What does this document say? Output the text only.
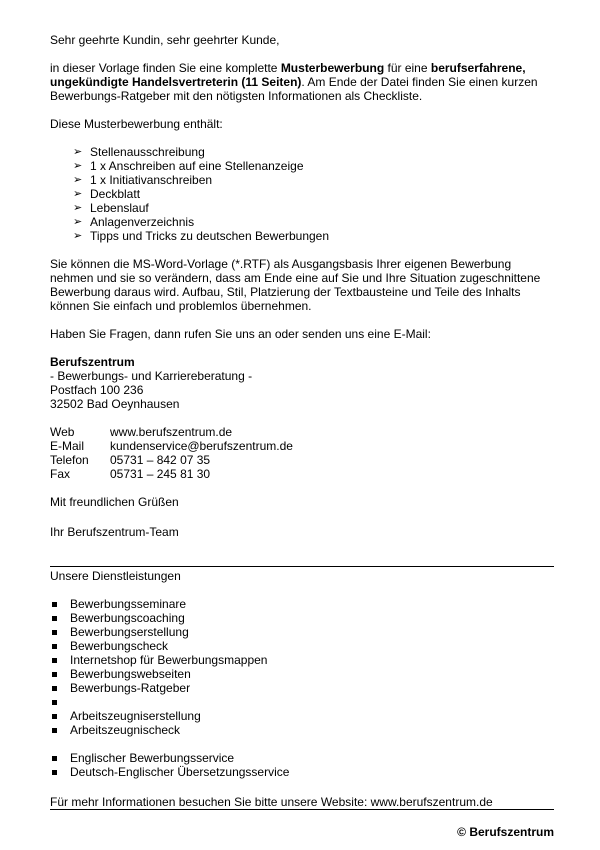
Sehr geehrte Kundin, sehr geehrter Kunde,
in dieser Vorlage finden Sie eine komplette Musterbewerbung für eine berufserfahrene, ungekündigte Handelsvertreterin (11 Seiten). Am Ende der Datei finden Sie einen kurzen Bewerbungs-Ratgeber mit den nötigsten Informationen als Checkliste.
Diese Musterbewerbung enthält:
➢ Stellenausschreibung
➢ 1 x Anschreiben auf eine Stellenanzeige
➢ 1 x Initiativanschreiben
➢ Deckblatt
➢ Lebenslauf
➢ Anlagenverzeichnis
➢ Tipps und Tricks zu deutschen Bewerbungen
Sie können die MS-Word-Vorlage (*.RTF) als Ausgangsbasis Ihrer eigenen Bewerbung nehmen und sie so verändern, dass am Ende eine auf Sie und Ihre Situation zugeschnittene Bewerbung daraus wird. Aufbau, Stil, Platzierung der Textbausteine und Teile des Inhalts können Sie einfach und problemlos übernehmen.
Haben Sie Fragen, dann rufen Sie uns an oder senden uns eine E-Mail:
Berufszentrum
- Bewerbungs- und Karriereberatung -
Postfach 100 236
32502 Bad Oeynhausen
Web	www.berufszentrum.de
E-Mail kundenservice@berufszentrum.de
Telefon 05731 – 842 07 35
Fax	05731 – 245 81 30
Mit freundlichen Grüßen
Ihr Berufszentrum-Team
Unsere Dienstleistungen
Bewerbungsseminare
Bewerbungscoaching
Bewerbungserstellung
Bewerbungscheck
Internetshop für Bewerbungsmappen
Bewerbungswebseiten
Bewerbungs-Ratgeber
Arbeitszeugniserstellung
Arbeitszeugnischeck
Englischer Bewerbungsservice
Deutsch-Englischer Übersetzungsservice
Für mehr Informationen besuchen Sie bitte unsere Website: www.berufszentrum.de
© Berufszentrum
